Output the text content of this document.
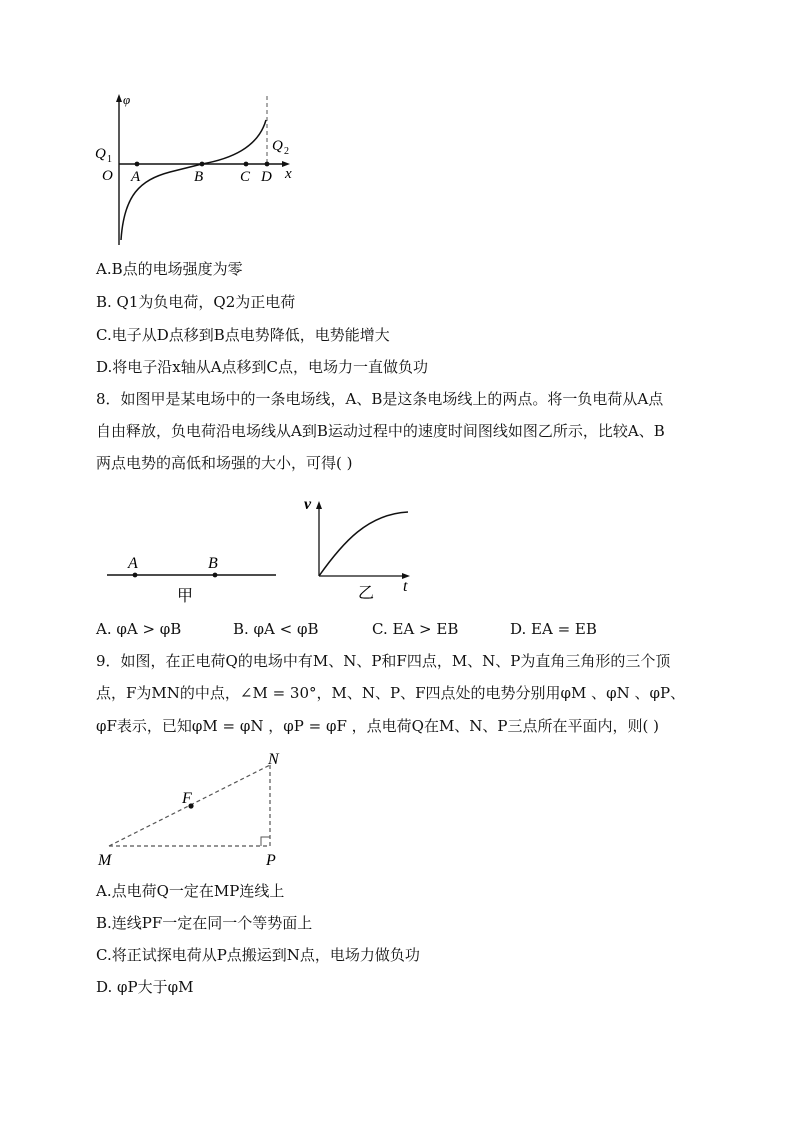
φ
x
O
Q 1
Q 2
A	B C D
A.B点的电场强度为零
B. Q1为负电荷，Q2为正电荷
C.电子从D点移到B点电势降低，电势能增大
D.将电子沿x轴从A点移到C点，电场力一直做负功
8．如图甲是某电场中的一条电场线，A、B是这条电场线上的两点。将一负电荷从A点
自由释放，负电荷沿电场线从A到B运动过程中的速度时间图线如图乙所示，比较A、B
两点电势的高低和场强的大小，可得( )
A	B
甲
v
t
乙
A. φA > φB	B. φA < φB	C. EA > EB	D. EA = EB
9．如图，在正电荷Q的电场中有M、N、P和F四点，M、N、P为直角三角形的三个顶
点，F为MN的中点，∠M = 30°，M、N、P、F四点处的电势分别用φM 、φN 、φP、
φF表示，已知φM = φN ，φP = φF ，点电荷Q在M、N、P三点所在平面内，则( )
F
N
M	P
A.点电荷Q一定在MP连线上
B.连线PF一定在同一个等势面上
C.将正试探电荷从P点搬运到N点，电场力做负功
D. φP大于φM
